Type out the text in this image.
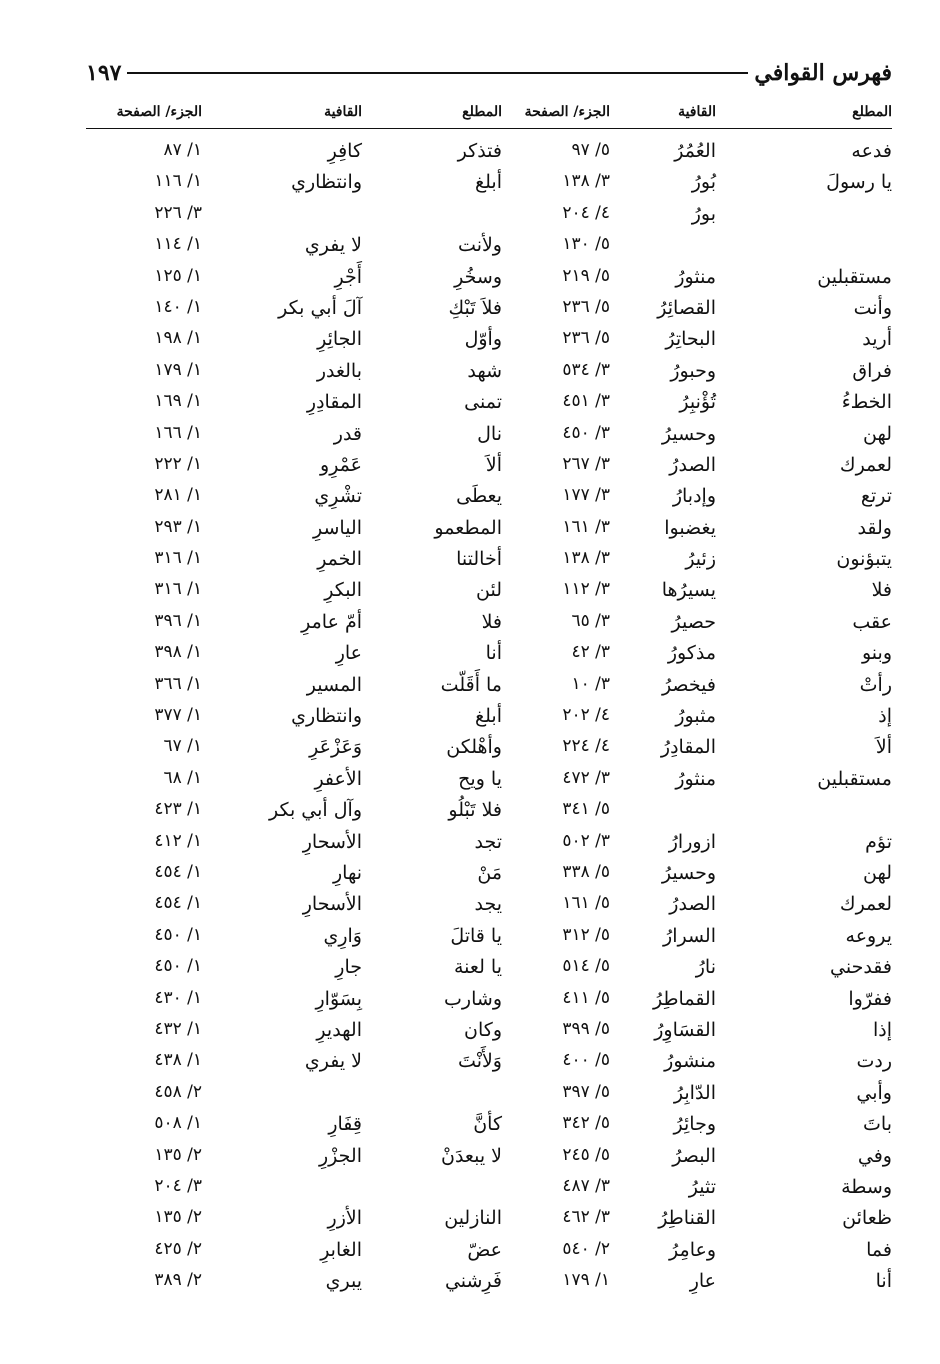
فهرس القوافي
١٩٧
المطلع
القافية
الجزء/ الصفحة
المطلع
القافية
الجزء/ الصفحة
فدعه
العُمُرُ
٥/ ٩٧
فتذكر
كافِرِ
١/ ٨٧
يا رسولَ
بُورُ
٣/ ١٣٨
أبلغ
وانتظاري
١/ ١١٦
بورُ
٤/ ٢٠٤
٣/ ٢٢٦
٥/ ١٣٠
ولأنت
لا يفري
١/ ١١٤
مستقبلين
منثورُ
٥/ ٢١٩
وسخُرِ
أَجْرِ
١/ ١٢٥
وأنت
القصائِرُ
٥/ ٢٣٦
فلاَ تَبْكِ
آلَ أبي بكر
١/ ١٤٠
أريد
البحاتِرُ
٥/ ٢٣٦
وأوّل
الجائِرِ
١/ ١٩٨
فراق
وحبورُ
٣/ ٥٣٤
شهد
بالغدر
١/ ١٧٩
الخطءُ
تُؤْنبِرُ
٣/ ٤٥١
تمنى
المقادِرِ
١/ ١٦٩
لهن
وحسيرُ
٣/ ٤٥٠
نال
قدر
١/ ١٦٦
لعمرك
الصدرُ
٣/ ٢٦٧
ألاَ
عَمْرِو
١/ ٢٢٢
ترتع
وإدبارُ
٣/ ١٧٧
يعطَى
تشْرِي
١/ ٢٨١
ولقد
يغضبوا
٣/ ١٦١
المطعمو
الياسرِ
١/ ٢٩٣
يتبؤنون
زئيرُ
٣/ ١٣٨
أخالتنا
الخمرِ
١/ ٣١٦
فلا
يسيرُها
٣/ ١١٢
لئن
البكرِ
١/ ٣١٦
عقب
حصيرُ
٣/ ٦٥
فلا
أمّ عامرِ
١/ ٣٩٦
وبنو
مذكورُ
٣/ ٤٢
أنا
عارِ
١/ ٣٩٨
رأتْ
فيخصرُ
٣/ ١٠
ما أَقَلّت
المسير
١/ ٣٦٦
إذ
مثبورُ
٤/ ٢٠٢
أبلغ
وانتظاري
١/ ٣٧٧
ألاَ
المقادِرُ
٤/ ٢٢٤
وأهْلكن
وَعَزْعَرِ
١/ ٦٧
مستقبلين
منثورُ
٣/ ٤٧٢
يا ويح
الأعفرِ
١/ ٦٨
٥/ ٣٤١
فلا تَبْلُو
وآل أبي بكر
١/ ٤٢٣
تؤم
ازورارُ
٣/ ٥٠٢
تجد
الأسحارِ
١/ ٤١٢
لهن
وحسيرُ
٥/ ٣٣٨
مَنْ
نهارِ
١/ ٤٥٤
لعمرك
الصدرُ
٥/ ١٦١
يجد
الأسحارِ
١/ ٤٥٤
يروعه
السرارُ
٥/ ٣١٢
يا قاتلَ
وَارِي
١/ ٤٥٠
فقدحني
نارُ
٥/ ٥١٤
يا لعنة
جارِ
١/ ٤٥٠
ففرّوا
القماطِرُ
٥/ ٤١١
وشارب
بِسَوّارِ
١/ ٤٣٠
إذا
القسَاوِرُ
٥/ ٣٩٩
وكان
الهديرِ
١/ ٤٣٢
ردت
منشورُ
٥/ ٤٠٠
وَلأَنْتَ
لا يفري
١/ ٤٣٨
وأبي
الدّابِرُ
٥/ ٣٩٧
٢/ ٤٥٨
باتَ
وجائِرُ
٥/ ٣٤٢
كأنَّ
قِفَارِ
١/ ٥٠٨
وفي
البصرُ
٥/ ٢٤٥
لا يبعدَنْ
الجزْرِ
٢/ ١٣٥
وسطة
تثيرُ
٣/ ٤٨٧
٣/ ٢٠٤
ظعائن
القناطِرُ
٣/ ٤٦٢
النازلين
الأزرِ
٢/ ١٣٥
فما
وعامِرُ
٢/ ٥٤٠
عضّ
الغابرِ
٢/ ٤٢٥
أنا
عارِ
١/ ١٧٩
فَرِشني
يبري
٢/ ٣٨٩
